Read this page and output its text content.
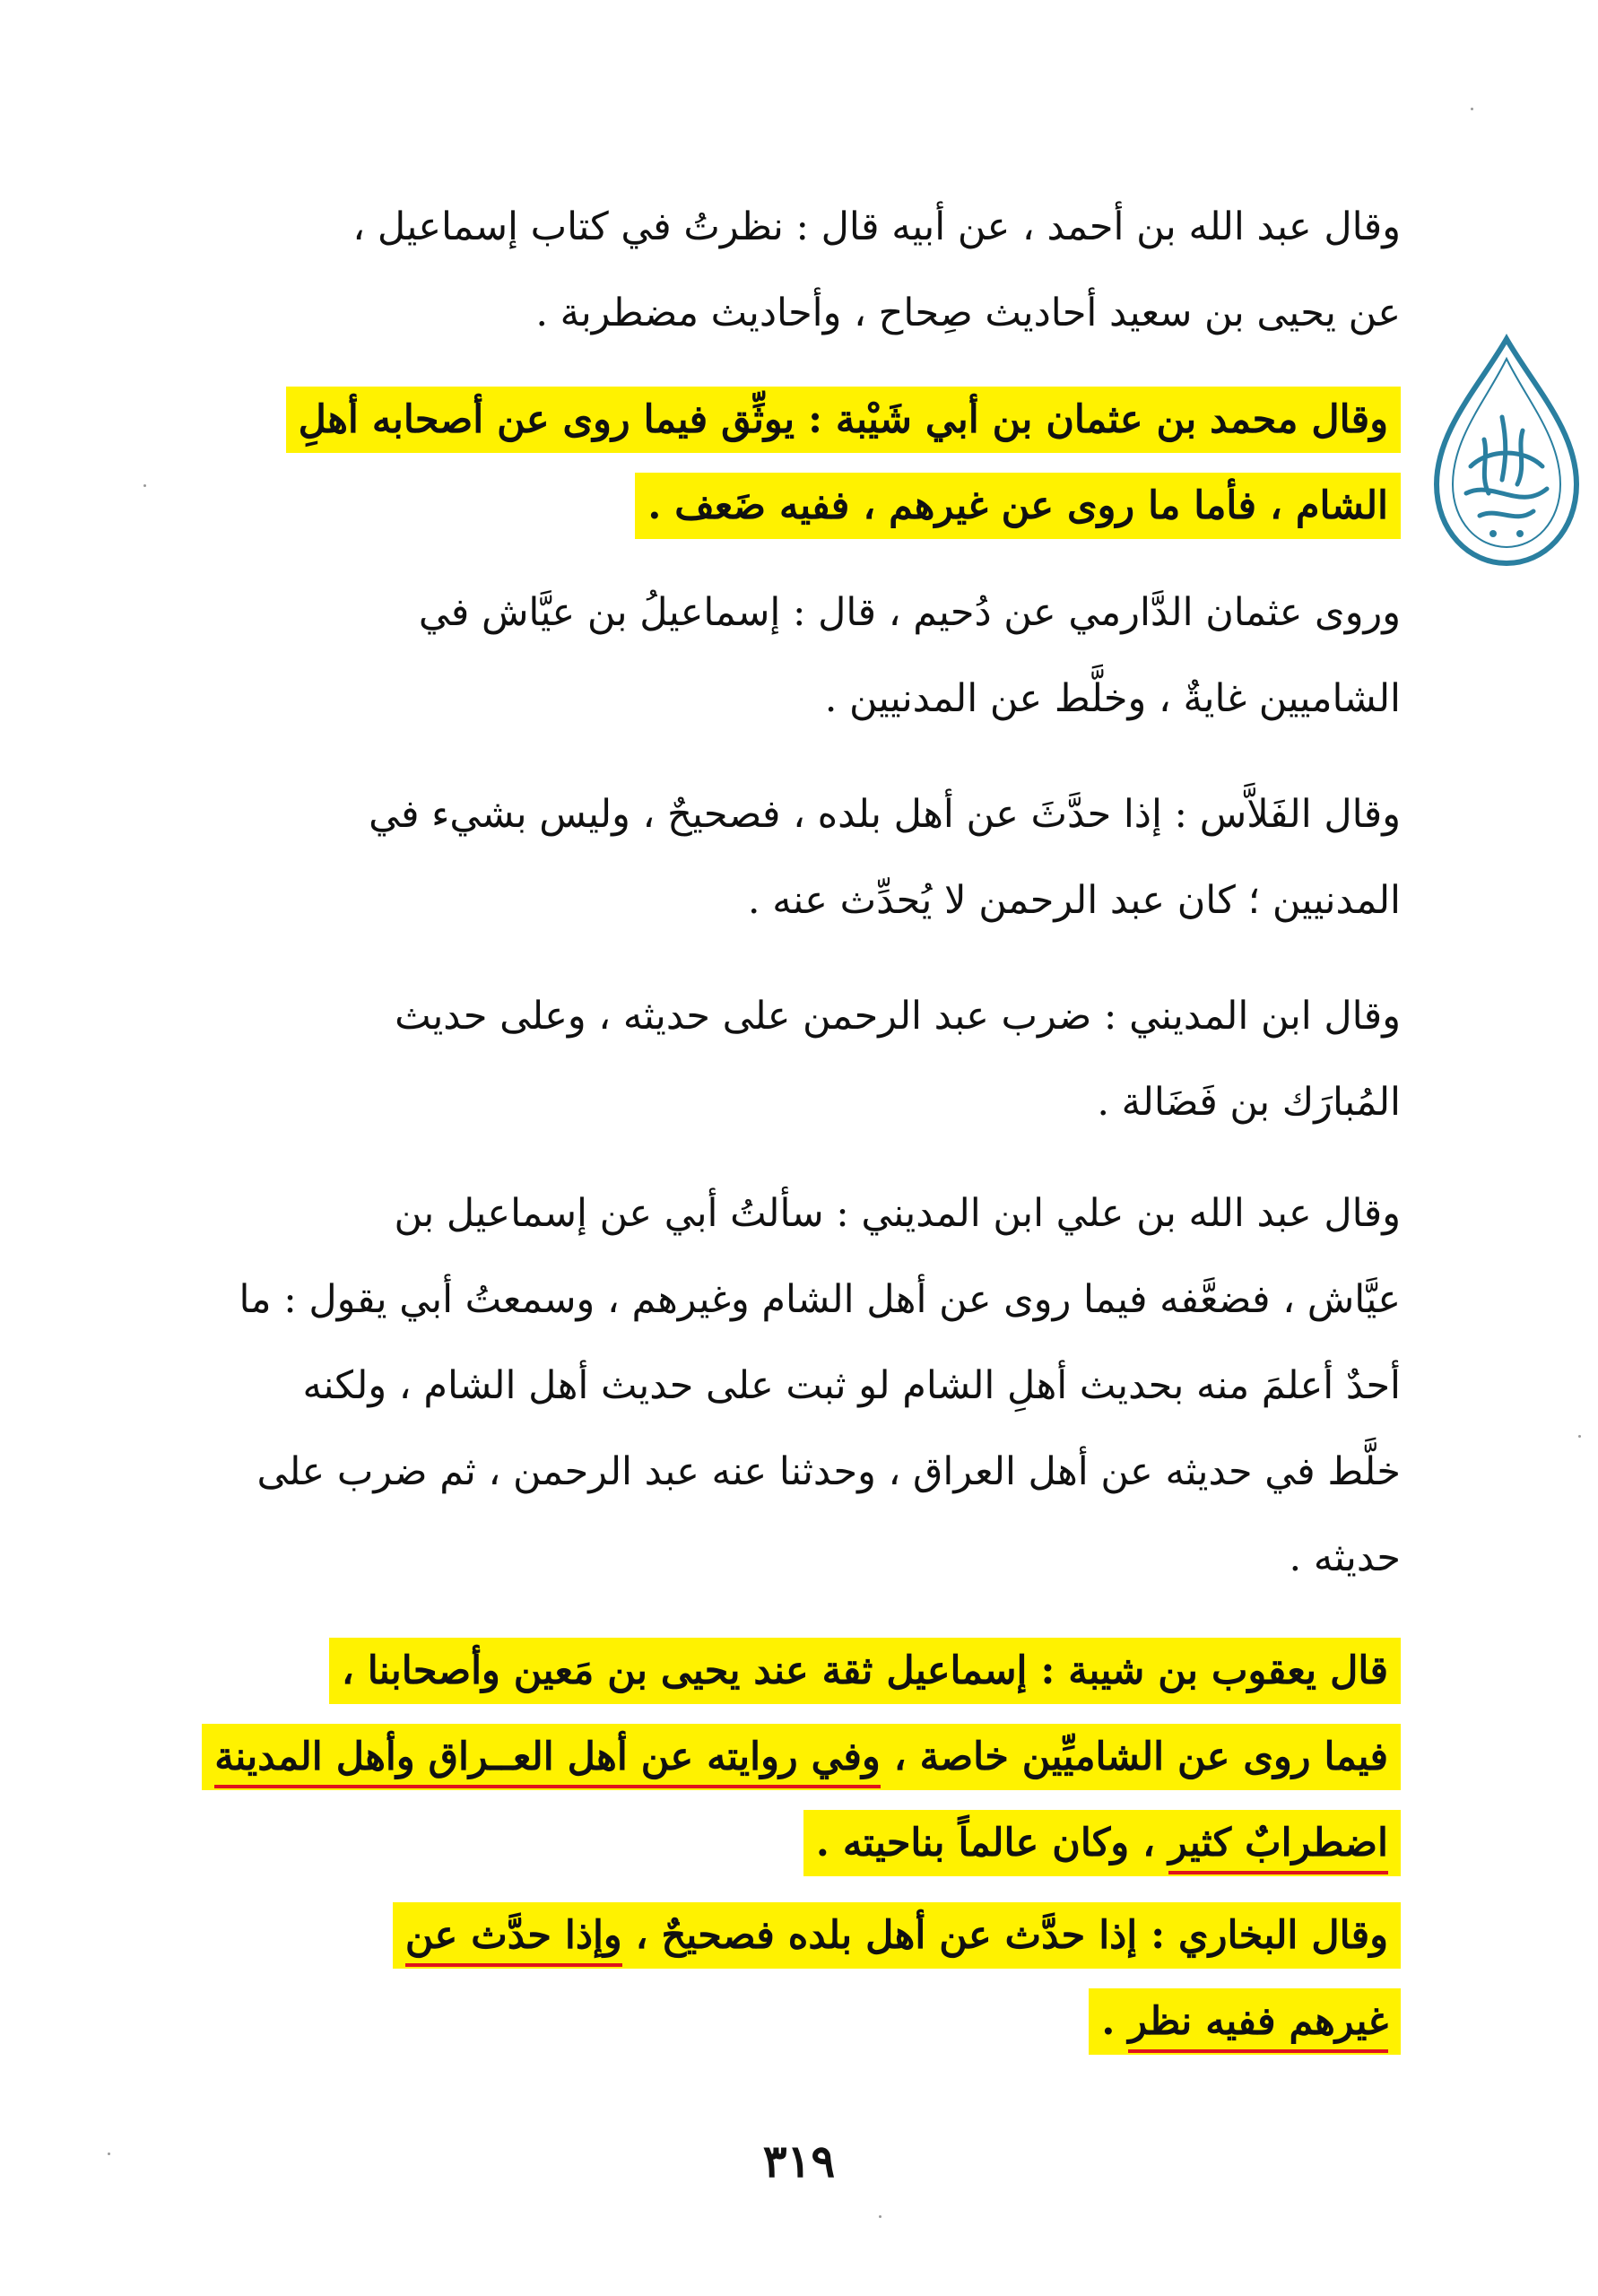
وقال عبد الله بن أحمد ، عن أبيه قال : نظرتُ في كتاب إسماعيل ،
عن يحيى بن سعيد أحاديث صِحاح ، وأحاديث مضطربة .
وقال محمد بن عثمان بن أبي شَيْبة : يوثِّق فيما روى عن أصحابه أهلِ
الشام ، فأما ما روى عن غيرهم ، ففيه ضَعف .
وروى عثمان الدَّارمي عن دُحيم ، قال : إسماعيلُ بن عيَّاش في
الشاميين غايةٌ ، وخلَّط عن المدنيين .
وقال الفَلاَّس : إذا حدَّثَ عن أهل بلده ، فصحيحٌ ، وليس بشيء في
المدنيين ؛ كان عبد الرحمن لا يُحدِّث عنه .
وقال ابن المديني : ضرب عبد الرحمن على حديثه ، وعلى حديث
المُبارَك بن فَضَالة .
وقال عبد الله بن علي ابن المديني : سألتُ أبي عن إسماعيل بن
عيَّاش ، فضعَّفه فيما روى عن أهل الشام وغيرهم ، وسمعتُ أبي يقول : ما
أحدٌ أعلمَ منه بحديث أهلِ الشام لو ثبت على حديث أهل الشام ، ولكنه
خلَّط في حديثه عن أهل العراق ، وحدثنا عنه عبد الرحمن ، ثم ضرب على
حديثه .
قال يعقوب بن شيبة : إسماعيل ثقة عند يحيى بن مَعين وأصحابنا ،
فيما روى عن الشاميِّين خاصة ، وفي روايته عن أهل العــراق وأهل المدينة
اضطرابٌ كثير ، وكان عالماً بناحيته .
وقال البخاري : إذا حدَّث عن أهل بلده فصحيحٌ ، وإذا حدَّث عن
غيرهم ففيه نظر .
٣١٩
